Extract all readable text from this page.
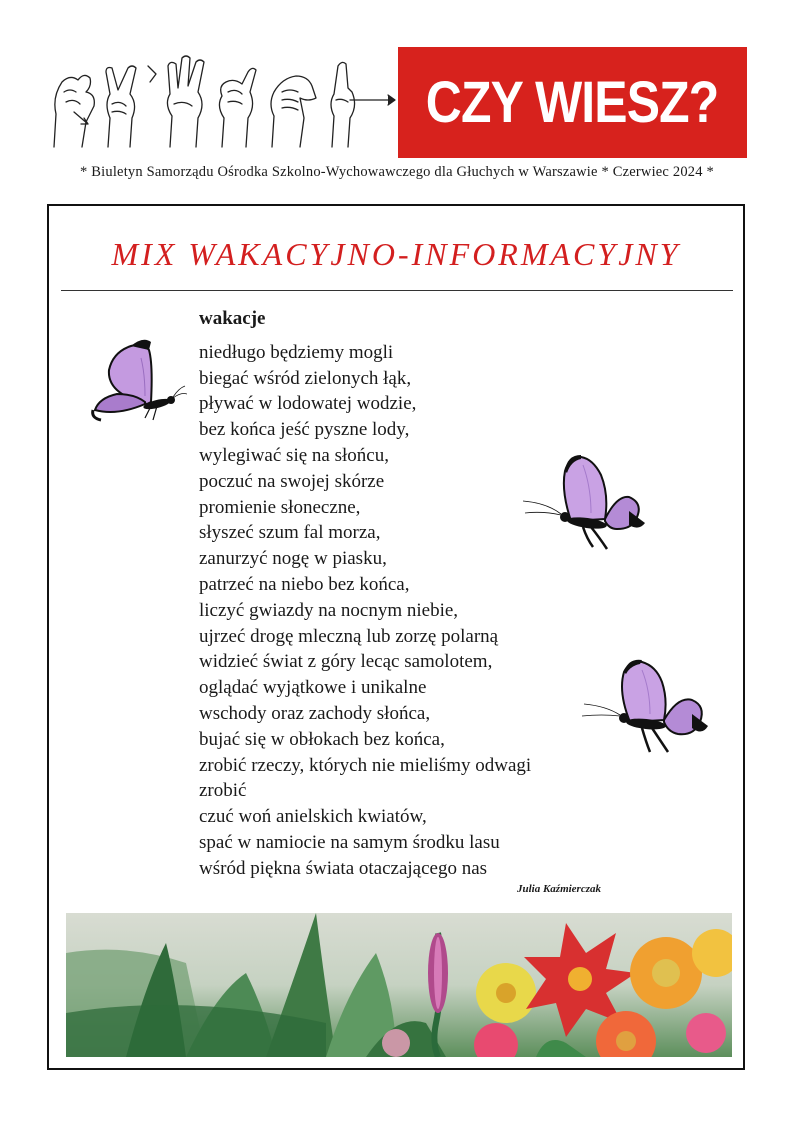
CZY WIESZ?
* Biuletyn Samorządu Ośrodka Szkolno-Wychowawczego dla Głuchych w Warszawie * Czerwiec 2024 *
MIX WAKACYJNO-INFORMACYJNY
wakacje
niedługo będziemy mogli
biegać wśród zielonych łąk,
pływać w lodowatej wodzie,
bez końca jeść pyszne lody,
wylegiwać się na słońcu,
poczuć na swojej skórze
promienie słoneczne,
słyszeć szum fal morza,
zanurzyć nogę w piasku,
patrzeć na niebo bez końca,
liczyć gwiazdy na nocnym niebie,
ujrzeć drogę mleczną lub zorzę polarną
widzieć świat z góry lecąc samolotem,
oglądać wyjątkowe i unikalne
wschody oraz zachody słońca,
bujać się w obłokach bez końca,
zrobić rzeczy, których nie mieliśmy odwagi
zrobić
czuć woń anielskich kwiatów,
spać w namiocie na samym środku lasu
wśród piękna świata otaczającego nas
Julia Kaźmierczak
